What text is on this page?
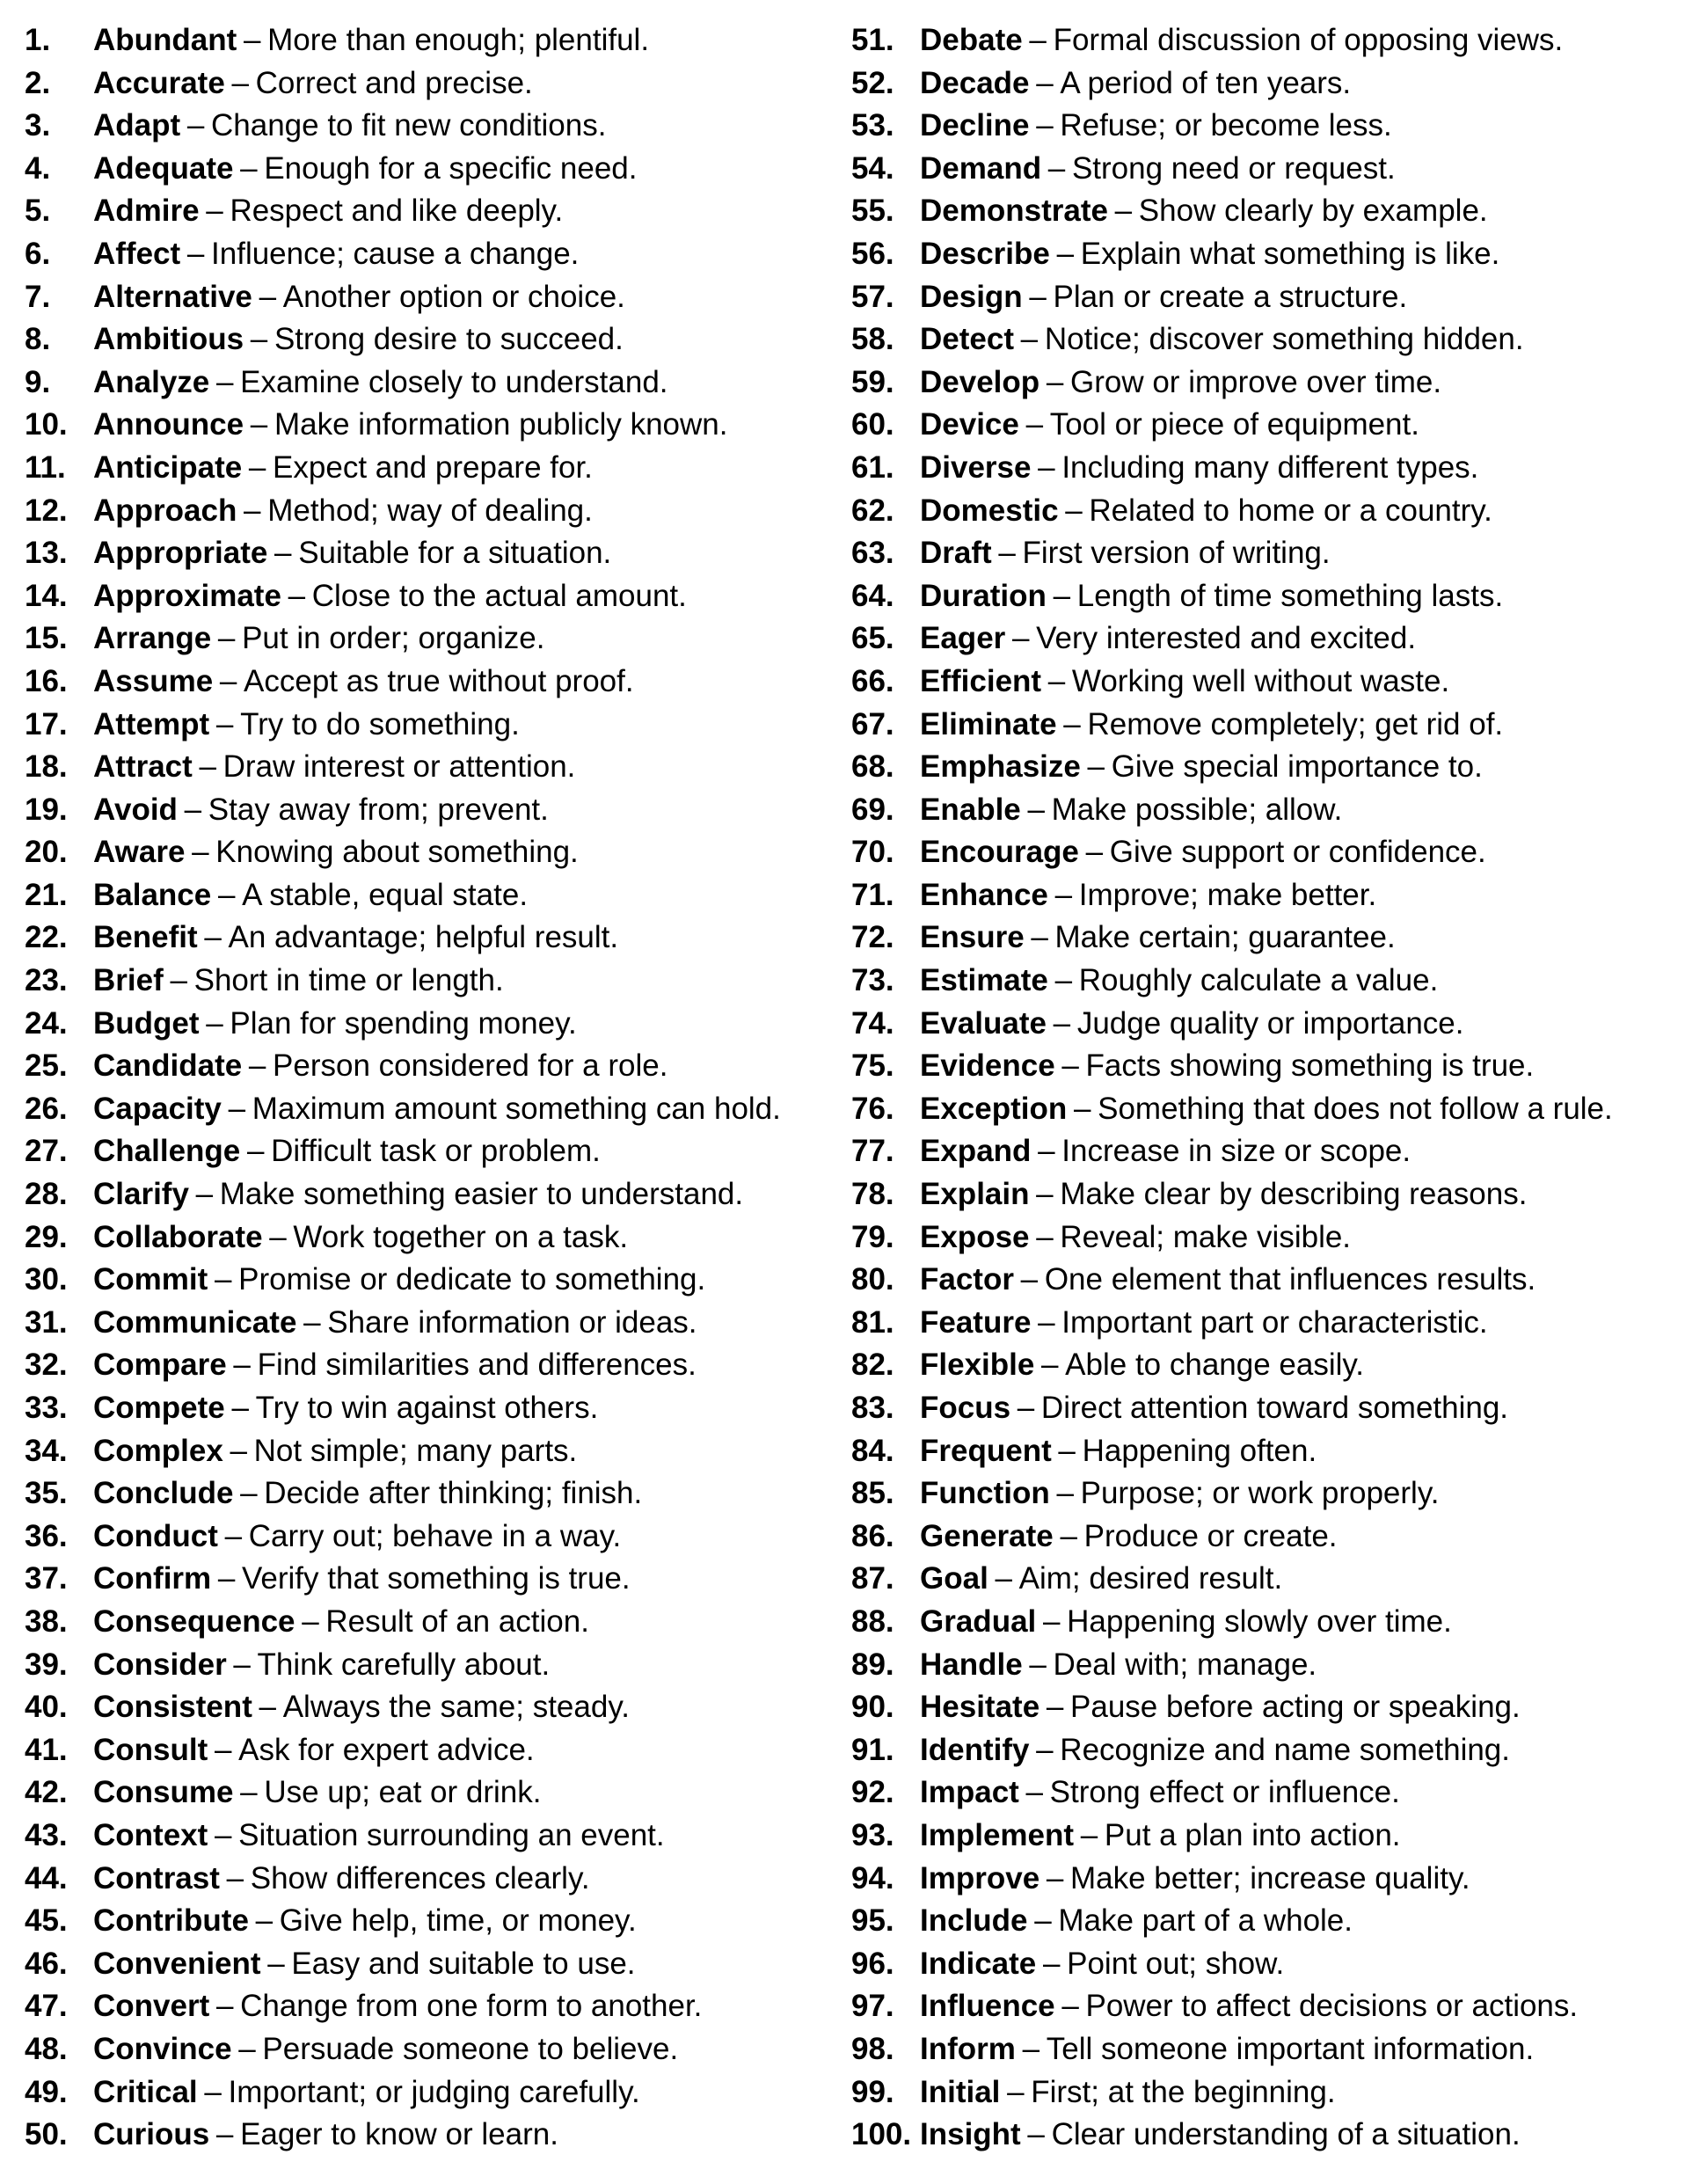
1.	Abundant – More than enough; plentiful.
2.	Accurate – Correct and precise.
3.	Adapt – Change to fit new conditions.
4.	Adequate – Enough for a specific need.
5.	Admire – Respect and like deeply.
6.	Affect – Influence; cause a change.
7.	Alternative – Another option or choice.
8.	Ambitious – Strong desire to succeed.
9.	Analyze – Examine closely to understand.
10. Announce – Make information publicly known.
11. Anticipate – Expect and prepare for.
12. Approach – Method; way of dealing.
13. Appropriate – Suitable for a situation.
14. Approximate – Close to the actual amount.
15. Arrange – Put in order; organize.
16. Assume – Accept as true without proof.
17. Attempt – Try to do something.
18. Attract – Draw interest or attention.
19. Avoid – Stay away from; prevent.
20. Aware – Knowing about something.
21. Balance – A stable, equal state.
22. Benefit – An advantage; helpful result.
23. Brief – Short in time or length.
24. Budget – Plan for spending money.
25. Candidate – Person considered for a role.
26. Capacity – Maximum amount something can hold.
27. Challenge – Difficult task or problem.
28. Clarify – Make something easier to understand.
29. Collaborate – Work together on a task.
30. Commit – Promise or dedicate to something.
31. Communicate – Share information or ideas.
32. Compare – Find similarities and differences.
33. Compete – Try to win against others.
34. Complex – Not simple; many parts.
35. Conclude – Decide after thinking; finish.
36. Conduct – Carry out; behave in a way.
37. Confirm – Verify that something is true.
38. Consequence – Result of an action.
39. Consider – Think carefully about.
40. Consistent – Always the same; steady.
41. Consult – Ask for expert advice.
42. Consume – Use up; eat or drink.
43. Context – Situation surrounding an event.
44. Contrast – Show differences clearly.
45. Contribute – Give help, time, or money.
46. Convenient – Easy and suitable to use.
47. Convert – Change from one form to another.
48. Convince – Persuade someone to believe.
49. Critical – Important; or judging carefully.
50. Curious – Eager to know or learn.
51. Debate – Formal discussion of opposing views.
52. Decade – A period of ten years.
53. Decline – Refuse; or become less.
54. Demand – Strong need or request.
55. Demonstrate – Show clearly by example.
56. Describe – Explain what something is like.
57. Design – Plan or create a structure.
58. Detect – Notice; discover something hidden.
59. Develop – Grow or improve over time.
60. Device – Tool or piece of equipment.
61. Diverse – Including many different types.
62. Domestic – Related to home or a country.
63. Draft – First version of writing.
64. Duration – Length of time something lasts.
65. Eager – Very interested and excited.
66. Efficient – Working well without waste.
67. Eliminate – Remove completely; get rid of.
68. Emphasize – Give special importance to.
69. Enable – Make possible; allow.
70. Encourage – Give support or confidence.
71. Enhance – Improve; make better.
72. Ensure – Make certain; guarantee.
73. Estimate – Roughly calculate a value.
74. Evaluate – Judge quality or importance.
75. Evidence – Facts showing something is true.
76. Exception – Something that does not follow a rule.
77. Expand – Increase in size or scope.
78. Explain – Make clear by describing reasons.
79. Expose – Reveal; make visible.
80. Factor – One element that influences results.
81. Feature – Important part or characteristic.
82. Flexible – Able to change easily.
83. Focus – Direct attention toward something.
84. Frequent – Happening often.
85. Function – Purpose; or work properly.
86. Generate – Produce or create.
87. Goal – Aim; desired result.
88. Gradual – Happening slowly over time.
89. Handle – Deal with; manage.
90. Hesitate – Pause before acting or speaking.
91. Identify – Recognize and name something.
92. Impact – Strong effect or influence.
93. Implement – Put a plan into action.
94. Improve – Make better; increase quality.
95. Include – Make part of a whole.
96. Indicate – Point out; show.
97. Influence – Power to affect decisions or actions.
98. Inform – Tell someone important information.
99. Initial – First; at the beginning.
100. Insight – Clear understanding of a situation.
